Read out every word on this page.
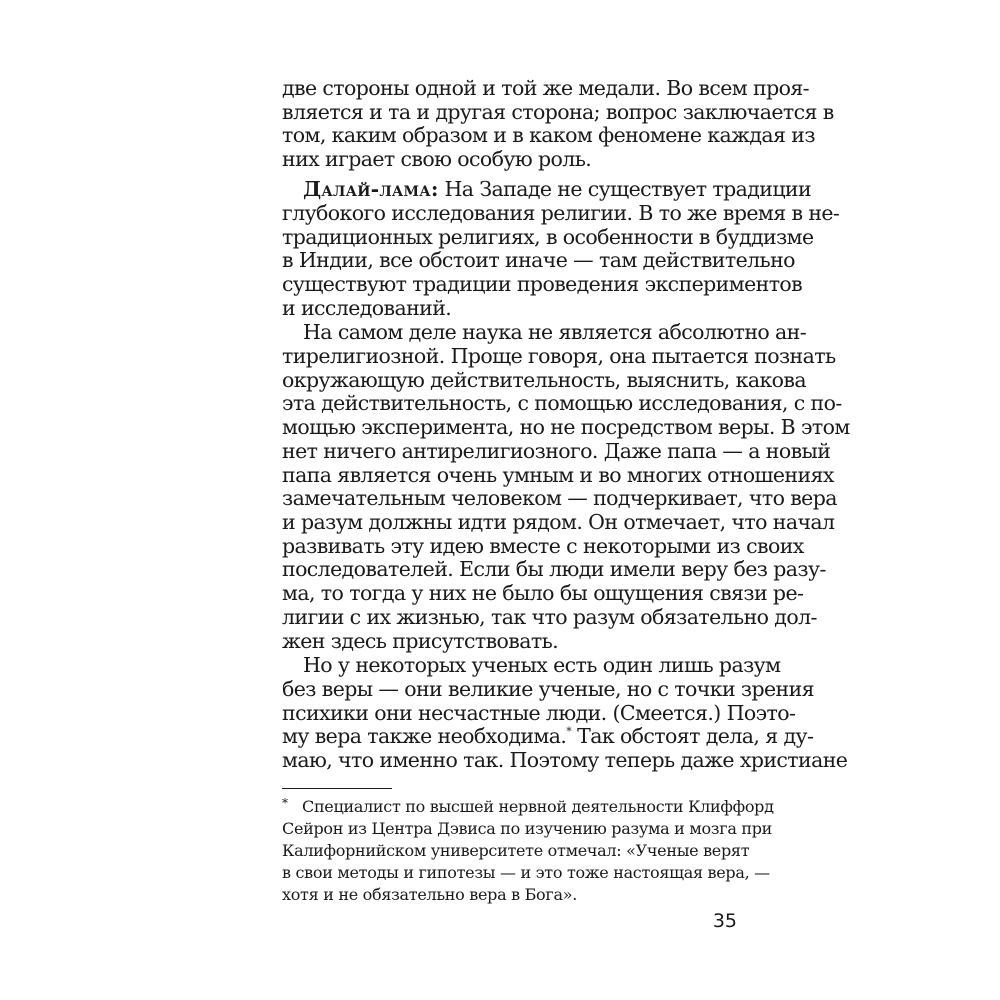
две стороны одной и той же медали. Во всем проя-
вляется и та и другая сторона; вопрос заключается в
том, каким образом и в каком феномене каждая из
них играет свою особую роль.
Далай-лама: На Западе не существует традиции
глубокого исследования религии. В то же время в не-
традиционных религиях, в особенности в буддизме
в Индии, все обстоит иначе — там действительно
существуют традиции проведения экспериментов
и исследований.
На самом деле наука не является абсолютно ан-
тирелигиозной. Проще говоря, она пытается познать
окружающую действительность, выяснить, какова
эта действительность, с помощью исследования, с по-
мощью эксперимента, но не посредством веры. В этом
нет ничего антирелигиозного. Даже папа — а новый
папа является очень умным и во многих отношениях
замечательным человеком — подчеркивает, что вера
и разум должны идти рядом. Он отмечает, что начал
развивать эту идею вместе с некоторыми из своих
последователей. Если бы люди имели веру без разу-
ма, то тогда у них не было бы ощущения связи ре-
лигии с их жизнью, так что разум обязательно дол-
жен здесь присутствовать.
Но у некоторых ученых есть один лишь разум
без веры — они великие ученые, но с точки зрения
психики они несчастные люди. (Смеется.) Поэто-
му вера также необходима.* Так обстоят дела, я ду-
маю, что именно так. Поэтому теперь даже христиане
* Специалист по высшей нервной деятельности Клиффорд
Сейрон из Центра Дэвиса по изучению разума и мозга при
Калифорнийском университете отмечал: «Ученые верят
в свои методы и гипотезы — и это тоже настоящая вера, —
хотя и не обязательно вера в Бога».
35
